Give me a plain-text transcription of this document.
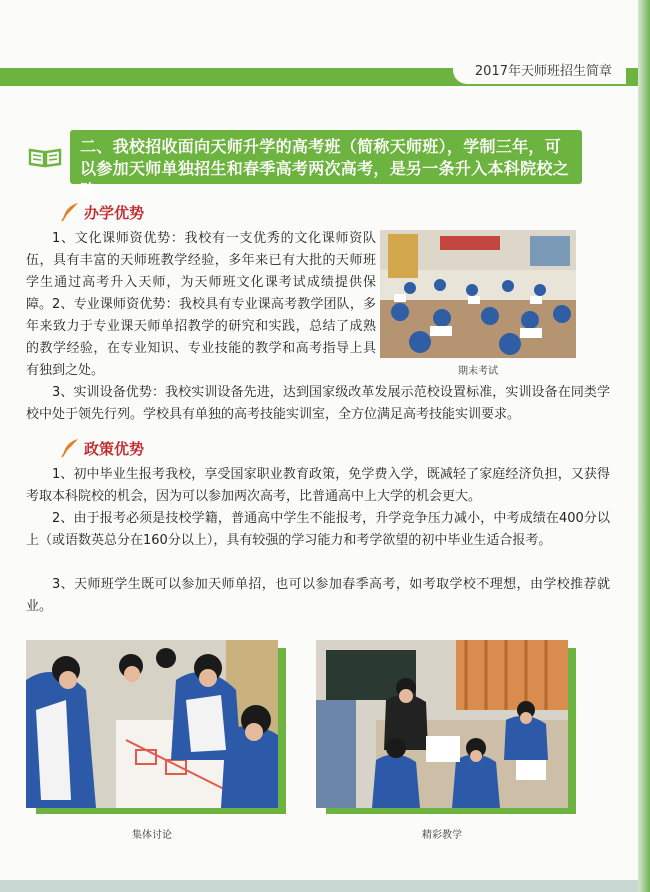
2017年天师班招生简章
二、我校招收面向天师升学的高考班（简称天师班），学制三年，可以参加天师单独招生和春季高考两次高考，是另一条升入本科院校之路。
办学优势
1、文化课师资优势：我校有一支优秀的文化课师资队伍，具有丰富的天师班教学经验，多年来已有大批的天师班学生通过高考升入天师，为天师班文化课考试成绩提供保障。 2、专业课师资优势：我校具有专业课高考教学团队，多年来致力于专业课天师单招教学的研究和实践，总结了成熟的教学经验，在专业知识、专业技能的教学和高考指导上具有独到之处。
3、实训设备优势：我校实训设备先进，达到国家级改革发展示范校设置标准，实训设备在同类学校中处于领先行列。学校具有单独的高考技能实训室，全方位满足高考技能实训要求。
期末考试
政策优势
1、初中毕业生报考我校，享受国家职业教育政策，免学费入学，既减轻了家庭经济负担，又获得考取本科院校的机会，因为可以参加两次高考，比普通高中上大学的机会更大。
2、由于报考必须是技校学籍，普通高中学生不能报考，升学竞争压力减小，中考成绩在400分以上（或语数英总分在160分以上），具有较强的学习能力和考学欲望的初中毕业生适合报考。
3、天师班学生既可以参加天师单招，也可以参加春季高考，如考取学校不理想，由学校推荐就业。
集体讨论	精彩教学
